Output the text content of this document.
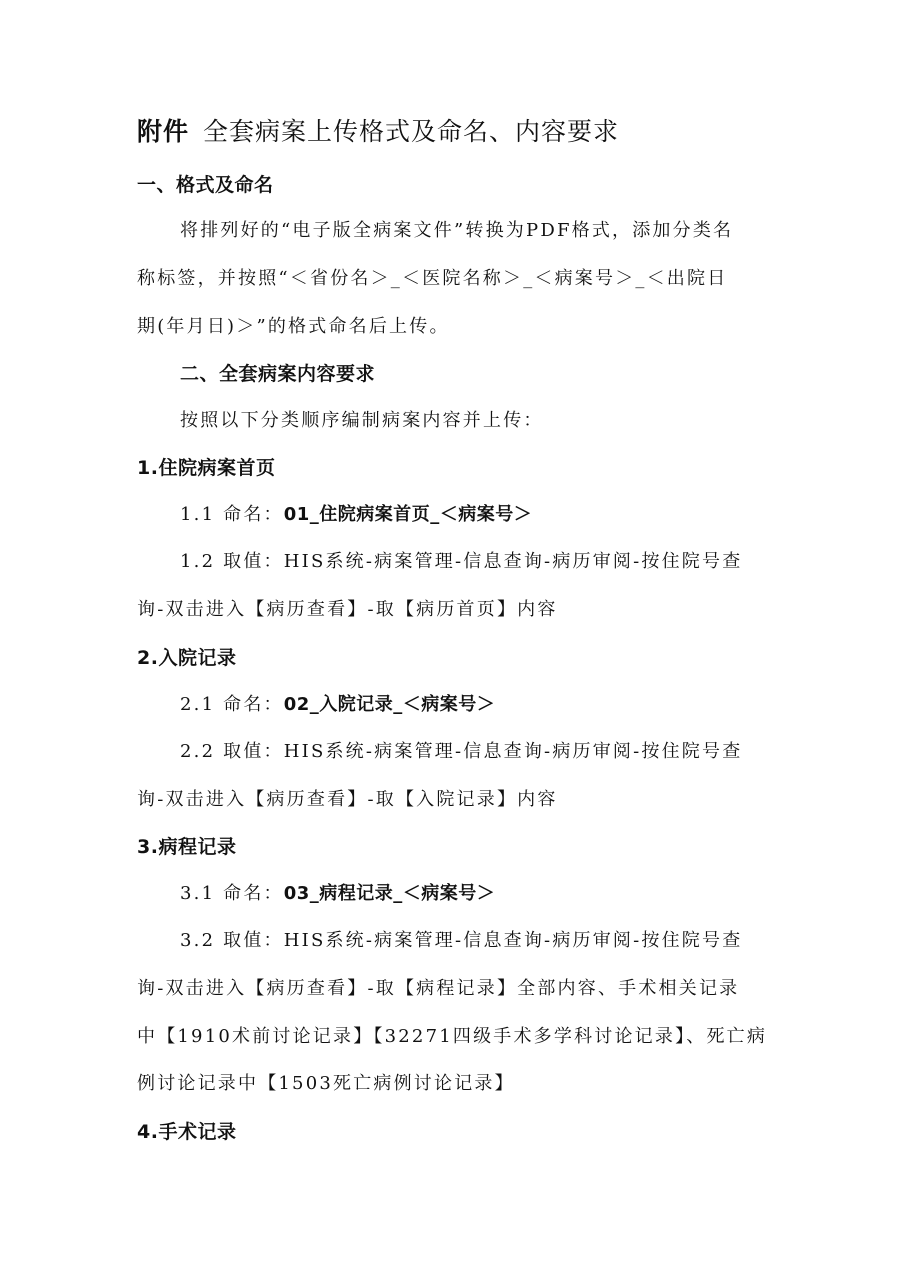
附件 全套病案上传格式及命名、内容要求
一、格式及命名
将排列好的“电子版全病案文件”转换为PDF格式，添加分类名
称标签，并按照“＜省份名＞_＜医院名称＞_＜病案号＞_＜出院日
期(年月日)＞”的格式命名后上传。
二、全套病案内容要求
按照以下分类顺序编制病案内容并上传：
1.住院病案首页
1.1 命名：01_住院病案首页_＜病案号＞
1.2 取值：HIS系统-病案管理-信息查询-病历审阅-按住院号查
询-双击进入【病历查看】-取【病历首页】内容
2.入院记录
2.1 命名：02_入院记录_＜病案号＞
2.2 取值：HIS系统-病案管理-信息查询-病历审阅-按住院号查
询-双击进入【病历查看】-取【入院记录】内容
3.病程记录
3.1 命名：03_病程记录_＜病案号＞
3.2 取值：HIS系统-病案管理-信息查询-病历审阅-按住院号查
询-双击进入【病历查看】-取【病程记录】全部内容、手术相关记录
中【1910术前讨论记录】【32271四级手术多学科讨论记录】、死亡病
例讨论记录中【1503死亡病例讨论记录】
4.手术记录
